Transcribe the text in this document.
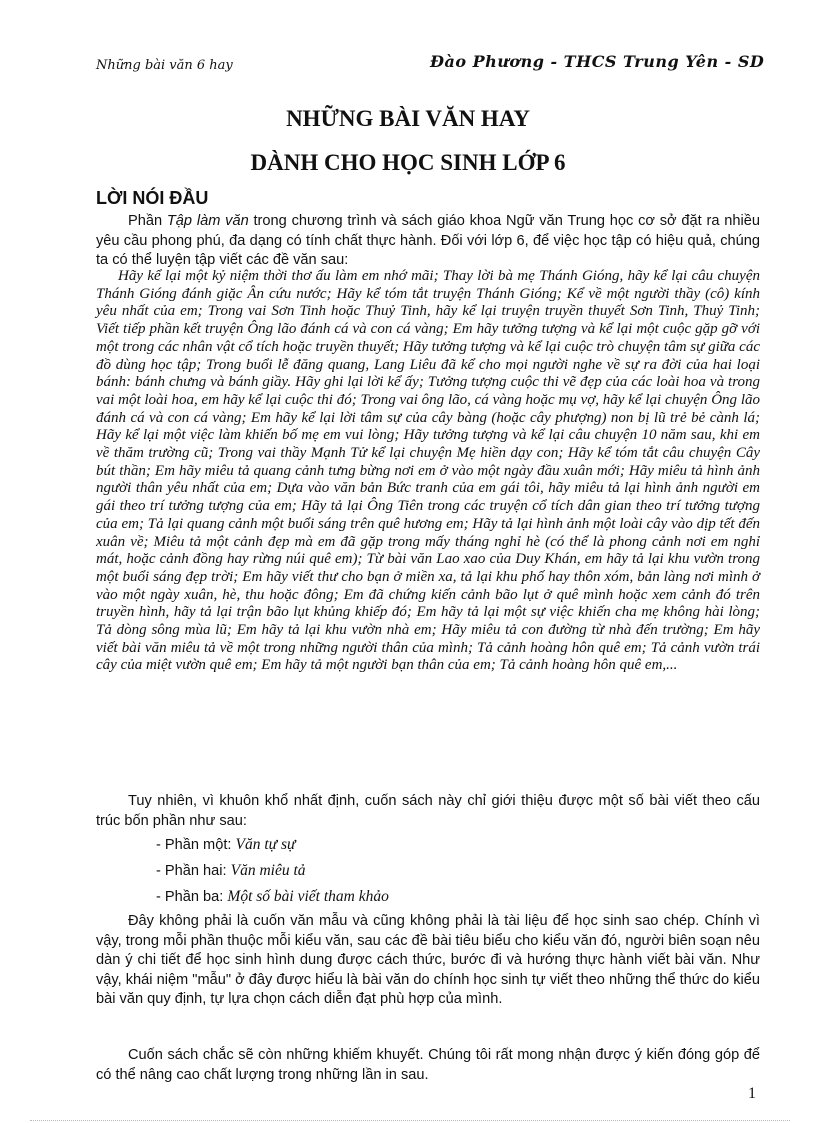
Những bài văn 6 hay	Đào Phương - THCS Trung Yên - SD
NHỮNG BÀI VĂN HAY
DÀNH CHO HỌC SINH LỚP 6
LỜI NÓI ĐẦU
Phần Tập làm văn trong chương trình và sách giáo khoa Ngữ văn Trung học cơ sở đặt ra nhiều yêu cầu phong phú, đa dạng có tính chất thực hành. Đối với lớp 6, để việc học tập có hiệu quả, chúng ta có thể luyện tập viết các đề văn sau:
Hãy kể lại một kỷ niệm thời thơ ấu làm em nhớ mãi; Thay lời bà mẹ Thánh Gióng, hãy kể lại câu chuyện Thánh Gióng đánh giặc Ân cứu nước; Hãy kể tóm tắt truyện Thánh Gióng; Kể về một người thầy (cô) kính yêu nhất của em; Trong vai Sơn Tinh hoặc Thuỷ Tinh, hãy kể lại truyện truyền thuyết Sơn Tinh, Thuỷ Tinh; Viết tiếp phần kết truyện Ông lão đánh cá và con cá vàng; Em hãy tưởng tượng và kể lại một cuộc gặp gỡ với một trong các nhân vật cổ tích hoặc truyền thuyết; Hãy tưởng tượng và kể lại cuộc trò chuyện tâm sự giữa các đồ dùng học tập; Trong buổi lễ đăng quang, Lang Liêu đã kể cho mọi người nghe về sự ra đời của hai loại bánh: bánh chưng và bánh giầy. Hãy ghi lại lời kể ấy; Tưởng tượng cuộc thi vẽ đẹp của các loài hoa và trong vai một loài hoa, em hãy kể lại cuộc thi đó; Trong vai ông lão, cá vàng hoặc mụ vợ, hãy kể lại chuyện Ông lão đánh cá và con cá vàng; Em hãy kể lại lời tâm sự của cây bàng (hoặc cây phượng) non bị lũ trẻ bẻ cành lá; Hãy kể lại một việc làm khiến bố mẹ em vui lòng; Hãy tưởng tượng và kể lại câu chuyện 10 năm sau, khi em về thăm trường cũ; Trong vai thầy Mạnh Tử kể lại chuyện Mẹ hiền dạy con; Hãy kể tóm tắt câu chuyện Cây bút thần; Em hãy miêu tả quang cảnh tưng bừng nơi em ở vào một ngày đầu xuân mới; Hãy miêu tả hình ảnh người thân yêu nhất của em; Dựa vào văn bản Bức tranh của em gái tôi, hãy miêu tả lại hình ảnh người em gái theo trí tưởng tượng của em; Hãy tả lại Ông Tiên trong các truyện cổ tích dân gian theo trí tưởng tượng của em; Tả lại quang cảnh một buổi sáng trên quê hương em; Hãy tả lại hình ảnh một loài cây vào dịp tết đến xuân về; Miêu tả một cảnh đẹp mà em đã gặp trong mấy tháng nghỉ hè (có thể là phong cảnh nơi em nghỉ mát, hoặc cảnh đồng hay rừng núi quê em); Từ bài văn Lao xao của Duy Khán, em hãy tả lại khu vườn trong một buổi sáng đẹp trời; Em hãy viết thư cho bạn ở miền xa, tả lại khu phố hay thôn xóm, bản làng nơi mình ở vào một ngày xuân, hè, thu hoặc đông; Em đã chứng kiến cảnh bão lụt ở quê mình hoặc xem cảnh đó trên truyền hình, hãy tả lại trận bão lụt khủng khiếp đó; Em hãy tả lại một sự việc khiến cha mẹ không hài lòng; Tả dòng sông mùa lũ; Em hãy tả lại khu vườn nhà em; Hãy miêu tả con đường từ nhà đến trường; Em hãy viết bài văn miêu tả về một trong những người thân của mình; Tả cảnh hoàng hôn quê em; Tả cảnh vườn trái cây của miệt vườn quê em; Em hãy tả một người bạn thân của em; Tả cảnh hoàng hôn quê em,...
Tuy nhiên, vì khuôn khổ nhất định, cuốn sách này chỉ giới thiệu được một số bài viết theo cấu trúc bốn phần như sau:
- Phần một: Văn tự sự
- Phần hai: Văn miêu tả
- Phần ba: Một số bài viết tham khảo
Đây không phải là cuốn văn mẫu và cũng không phải là tài liệu để học sinh sao chép. Chính vì vậy, trong mỗi phần thuộc mỗi kiểu văn, sau các đề bài tiêu biểu cho kiểu văn đó, người biên soạn nêu dàn ý chi tiết để học sinh hình dung được cách thức, bước đi và hướng thực hành viết bài văn. Như vậy, khái niệm "mẫu" ở đây được hiểu là bài văn do chính học sinh tự viết theo những thể thức do kiểu bài văn quy định, tự lựa chọn cách diễn đạt phù hợp của mình.
Cuốn sách chắc sẽ còn những khiếm khuyết. Chúng tôi rất mong nhận được ý kiến đóng góp để có thể nâng cao chất lượng trong những lần in sau.
1
